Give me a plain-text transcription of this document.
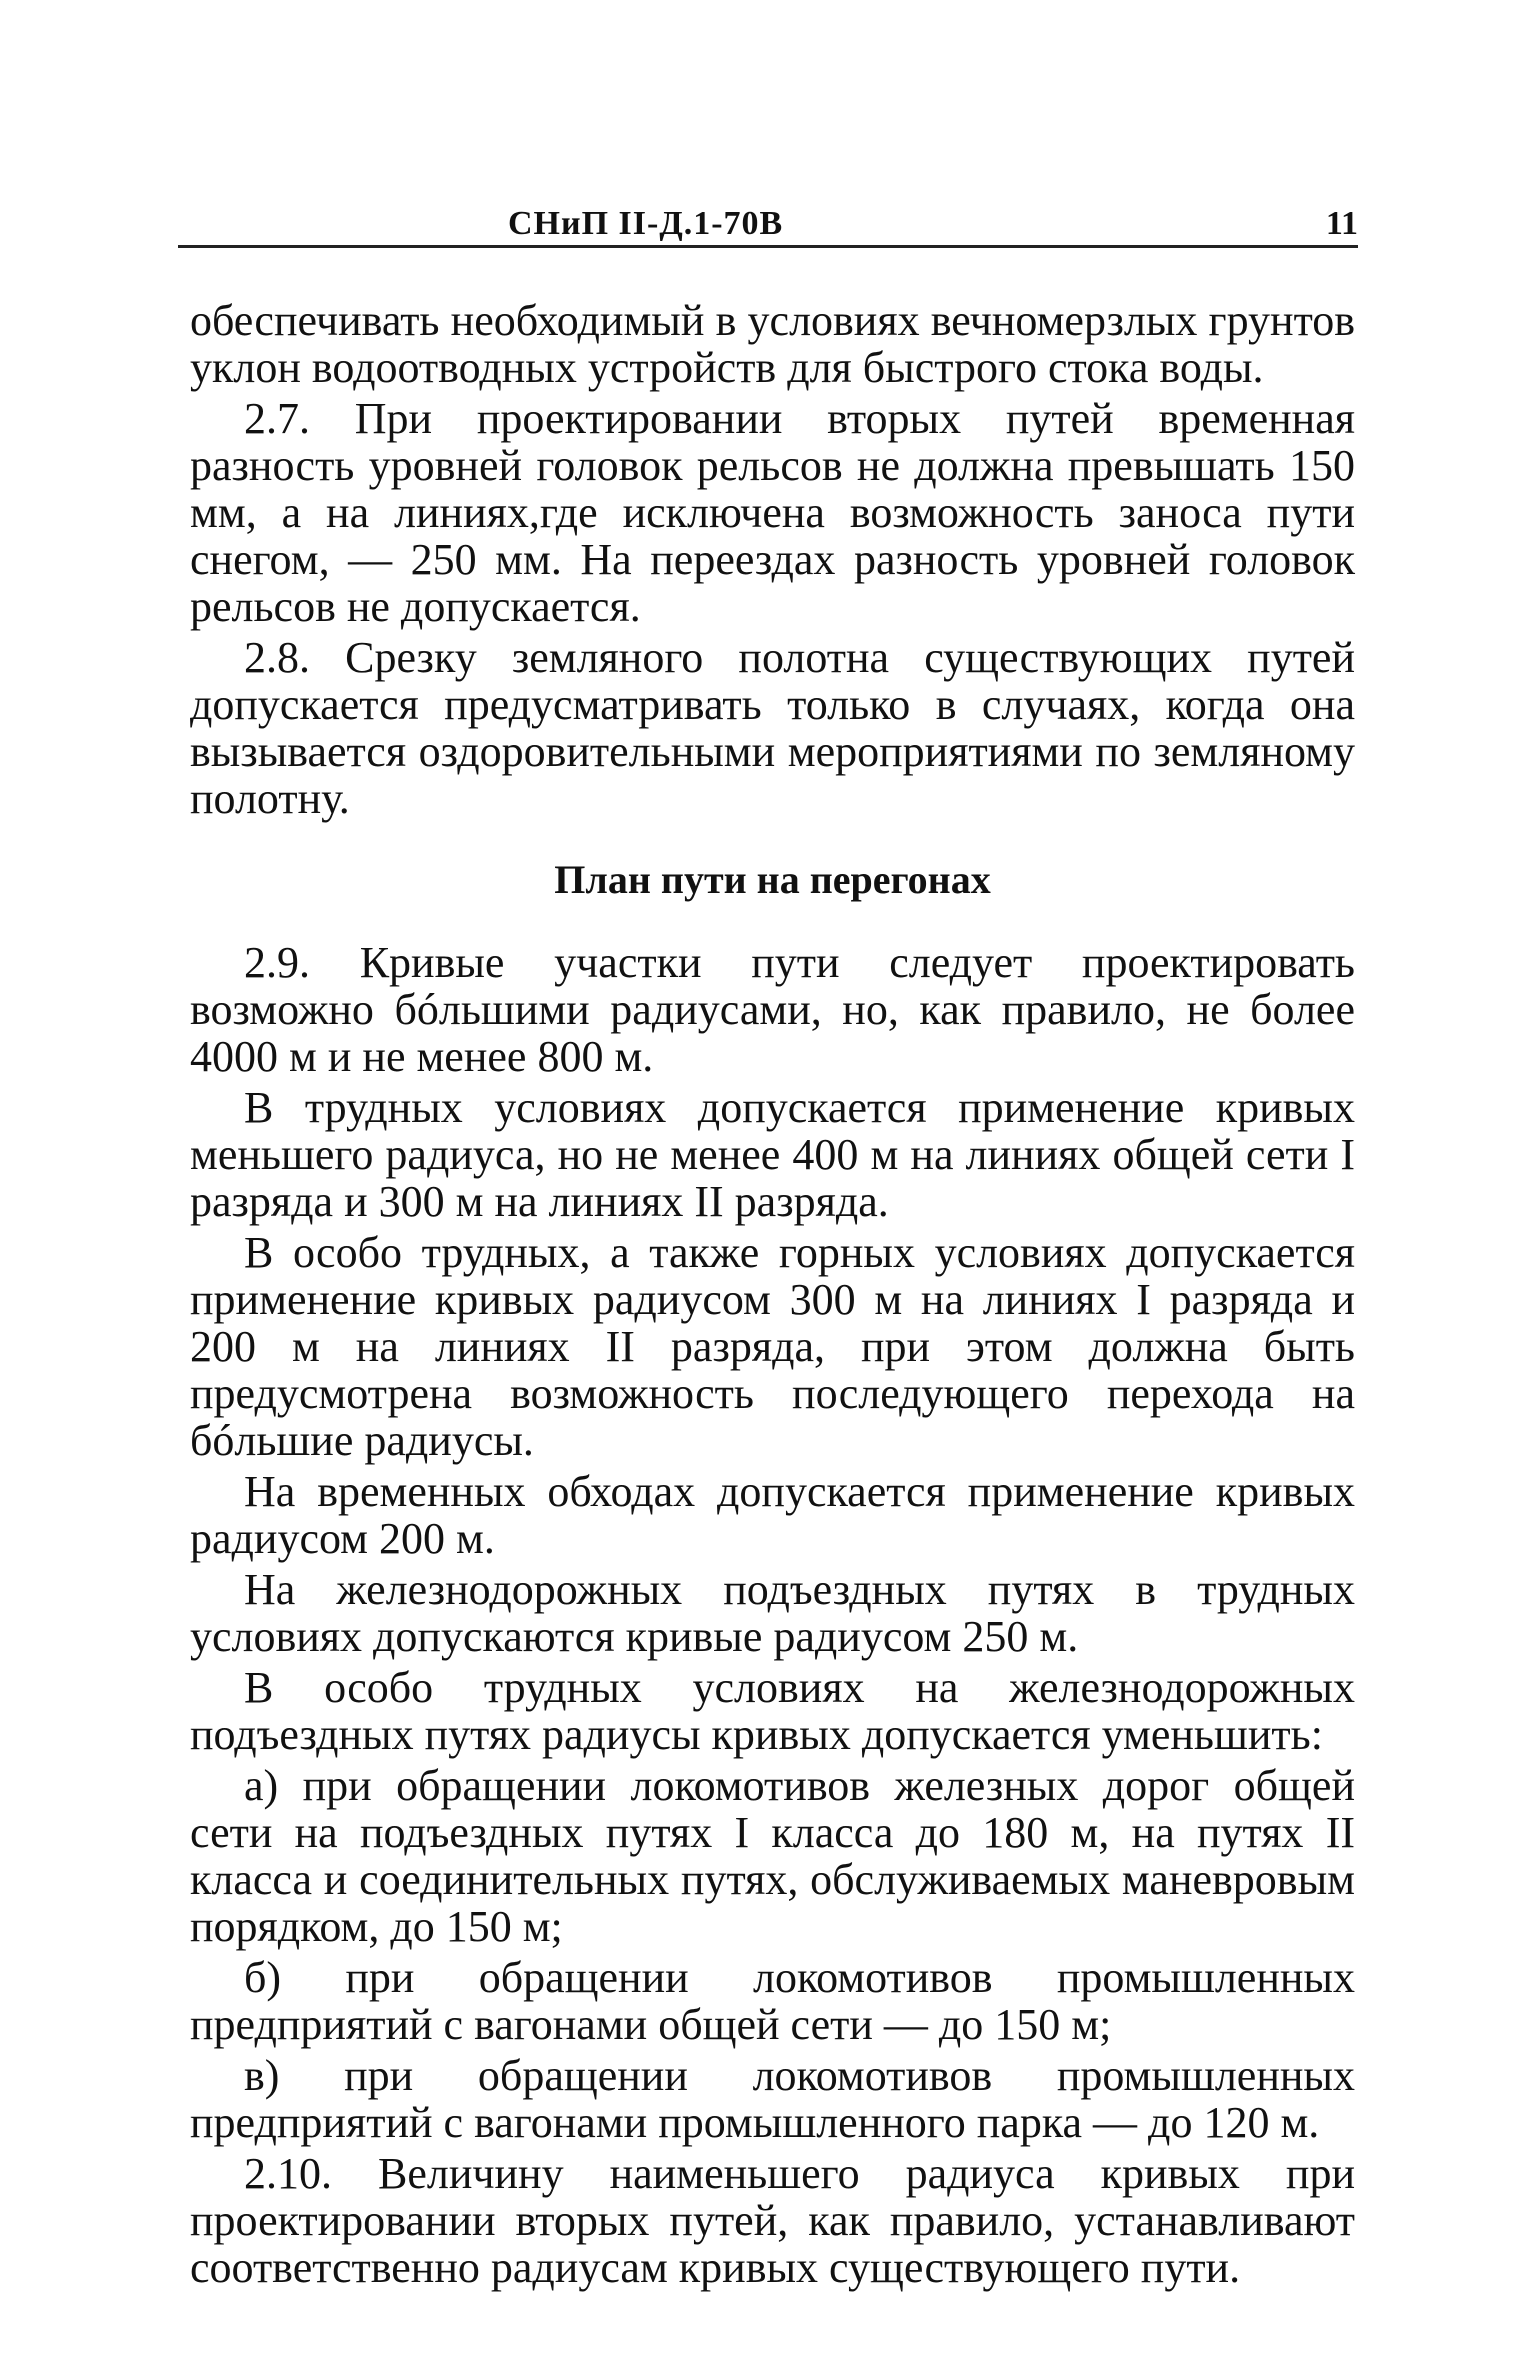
СНиП II-Д.1-70В	11

обеспечивать необходимый в условиях вечномерзлых грунтов уклон водоотводных устройств для быстрого стока воды.

2.7. При проектировании вторых путей временная разность уровней головок рельсов не должна превышать 150 мм, а на линиях,где исключена возможность заноса пути снегом, — 250 мм. На переездах разность уровней головок рельсов не допускается.

2.8. Срезку земляного полотна существующих путей допускается предусматривать только в случаях, когда она вызывается оздоровительными мероприятиями по земляному полотну.

План пути на перегонах

2.9. Кривые участки пути следует проектировать возможно бóльшими радиусами, но, как правило, не более 4000 м и не менее 800 м.

В трудных условиях допускается применение кривых меньшего радиуса, но не менее 400 м на линиях общей сети I разряда и 300 м на линиях II разряда.

В особо трудных, а также горных условиях допускается применение кривых радиусом 300 м на линиях I разряда и 200 м на линиях II разряда, при этом должна быть предусмотрена возможность последующего перехода на бóльшие радиусы.

На временных обходах допускается применение кривых радиусом 200 м.

На железнодорожных подъездных путях в трудных условиях допускаются кривые радиусом 250 м.

В особо трудных условиях на железнодорожных подъездных путях радиусы кривых допускается уменьшить:

а) при обращении локомотивов железных дорог общей сети на подъездных путях I класса до 180 м, на путях II класса и соединительных путях, обслуживаемых маневровым порядком, до 150 м;

б) при обращении локомотивов промышленных предприятий с вагонами общей сети — до 150 м;

в) при обращении локомотивов промышленных предприятий с вагонами промышленного парка — до 120 м.

2.10. Величину наименьшего радиуса кривых при проектировании вторых путей, как правило, устанавливают соответственно радиусам кривых существующего пути.
